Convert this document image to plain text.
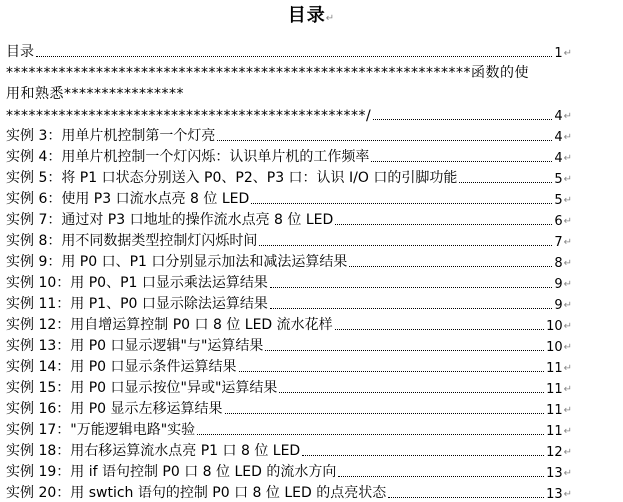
目录↵
目录	1 ↵
**************************************************************函数的使
用和熟悉****************
************************************************/	4 ↵
实例 3：用单片机控制第一个灯亮	4 ↵
实例 4：用单片机控制一个灯闪烁：认识单片机的工作频率	4 ↵
实例 5：将 P1 口状态分别送入 P0、P2、P3 口：认识 I/O 口的引脚功能	5 ↵
实例 6：使用 P3 口流水点亮 8 位 LED	5 ↵
实例 7：通过对 P3 口地址的操作流水点亮 8 位 LED	6 ↵
实例 8：用不同数据类型控制灯闪烁时间	7 ↵
实例 9：用 P0 口、P1 口分别显示加法和减法运算结果	8 ↵
实例 10：用 P0、P1 口显示乘法运算结果	9 ↵
实例 11：用 P1、P0 口显示除法运算结果	9 ↵
实例 12：用自增运算控制 P0 口 8 位 LED 流水花样	10 ↵
实例 13：用 P0 口显示逻辑"与"运算结果	10 ↵
实例 14：用 P0 口显示条件运算结果	11 ↵
实例 15：用 P0 口显示按位"异或"运算结果	11 ↵
实例 16：用 P0 显示左移运算结果	11 ↵
实例 17："万能逻辑电路"实验	11 ↵
实例 18：用右移运算流水点亮 P1 口 8 位 LED	12 ↵
实例 19：用 if 语句控制 P0 口 8 位 LED 的流水方向	13 ↵
实例 20：用 swtich 语句的控制 P0 口 8 位 LED 的点亮状态	13 ↵
